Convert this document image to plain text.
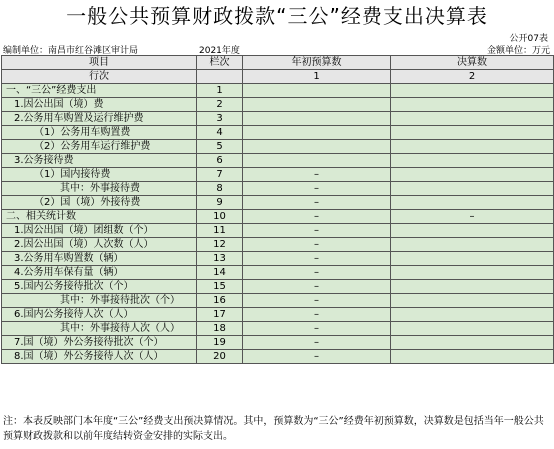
一般公共预算财政拨款“三公”经费支出决算表
公开07表
编制单位：南昌市红谷滩区审计局	2021年度	金额单位：万元
项目	栏次	年初预算数	决算数
行次		1	2
一、“三公”经费支出	1		
1.因公出国（境）费	2		
2.公务用车购置及运行维护费	3		
（1）公务用车购置费	4		
（2）公务用车运行维护费	5		
3.公务接待费	6		
（1）国内接待费	7	–	
其中：外事接待费	8	–	
（2）国（境）外接待费	9	–	
二、相关统计数	10	–	–
1.因公出国（境）团组数（个）	11	–	
2.因公出国（境）人次数（人）	12	–	
3.公务用车购置数（辆）	13	–	
4.公务用车保有量（辆）	14	–	
5.国内公务接待批次（个）	15	–	
其中：外事接待批次（个）	16	–	
6.国内公务接待人次（人）	17	–	
其中：外事接待人次（人）	18	–	
7.国（境）外公务接待批次（个）	19	–	
8.国（境）外公务接待人次（人）	20	–	
注：本表反映部门本年度“三公”经费支出预决算情况。其中，预算数为“三公”经费年初预算数，决算数是包括当年一般公共预算财政拨款和以前年度结转资金安排的实际支出。
